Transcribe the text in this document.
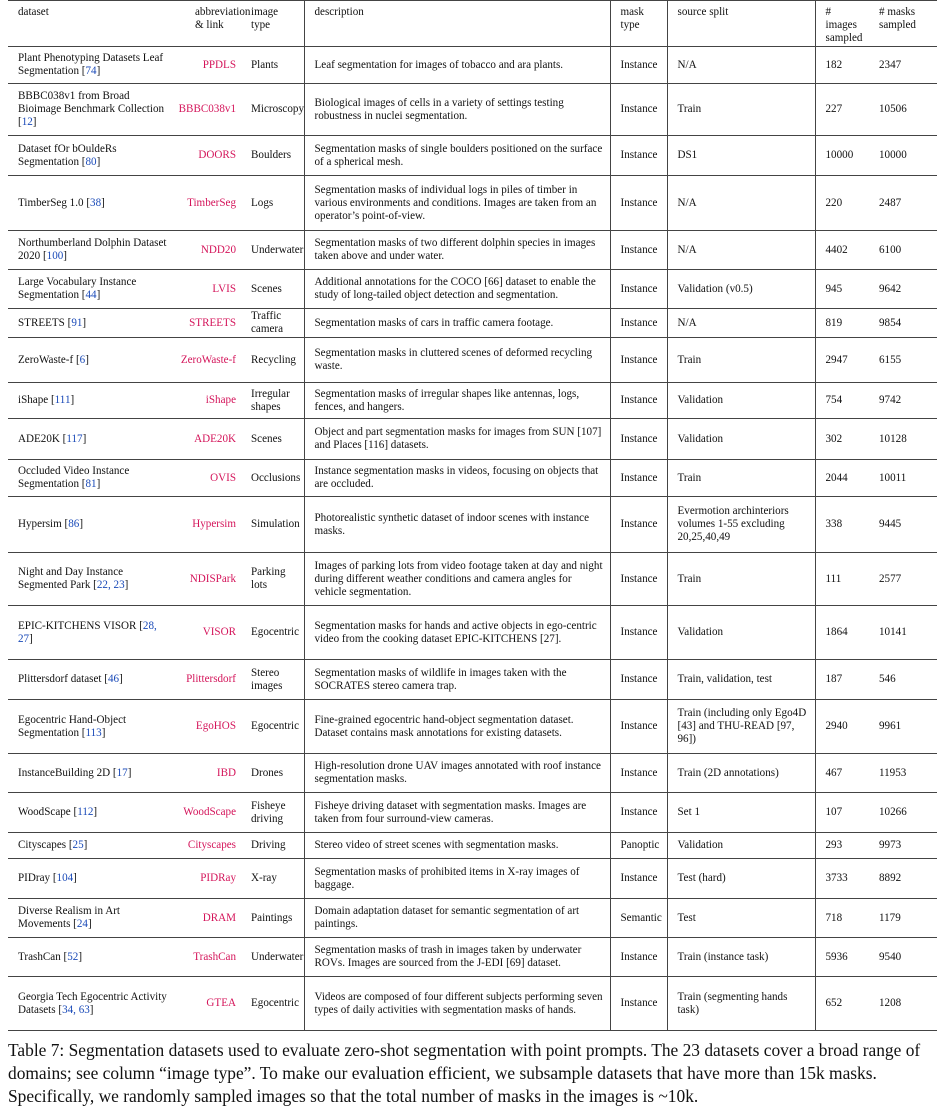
dataset	abbreviation & link	image type	description	mask type	source split	# images sampled	# masks sampled
Plant Phenotyping Datasets Leaf Segmentation [74]	PPDLS	Plants	Leaf segmentation for images of tobacco and ara plants.	Instance	N/A	182	2347
BBBC038v1 from Broad Bioimage Benchmark Collection [12]	BBBC038v1	Microscopy	Biological images of cells in a variety of settings testing robustness in nuclei segmentation.	Instance	Train	227	10506
Dataset fOr bOuldeRs Segmentation [80]	DOORS	Boulders	Segmentation masks of single boulders positioned on the surface of a spherical mesh.	Instance	DS1	10000	10000
TimberSeg 1.0 [38]	TimberSeg	Logs	Segmentation masks of individual logs in piles of timber in various environments and conditions. Images are taken from an operator’s point-of-view.	Instance	N/A	220	2487
Northumberland Dolphin Dataset 2020 [100]	NDD20	Underwater	Segmentation masks of two different dolphin species in images taken above and under water.	Instance	N/A	4402	6100
Large Vocabulary Instance Segmentation [44]	LVIS	Scenes	Additional annotations for the COCO [66] dataset to enable the study of long-tailed object detection and segmentation.	Instance	Validation (v0.5)	945	9642
STREETS [91]	STREETS	Traffic camera	Segmentation masks of cars in traffic camera footage.	Instance	N/A	819	9854
ZeroWaste-f [6]	ZeroWaste-f	Recycling	Segmentation masks in cluttered scenes of deformed recycling waste.	Instance	Train	2947	6155
iShape [111]	iShape	Irregular shapes	Segmentation masks of irregular shapes like antennas, logs, fences, and hangers.	Instance	Validation	754	9742
ADE20K [117]	ADE20K	Scenes	Object and part segmentation masks for images from SUN [107] and Places [116] datasets.	Instance	Validation	302	10128
Occluded Video Instance Segmentation [81]	OVIS	Occlusions	Instance segmentation masks in videos, focusing on objects that are occluded.	Instance	Train	2044	10011
Hypersim [86]	Hypersim	Simulation	Photorealistic synthetic dataset of indoor scenes with instance masks.	Instance	Evermotion archinteriors volumes 1-55 excluding 20,25,40,49	338	9445
Night and Day Instance Segmented Park [22, 23]	NDISPark	Parking lots	Images of parking lots from video footage taken at day and night during different weather conditions and camera angles for vehicle segmentation.	Instance	Train	111	2577
EPIC-KITCHENS VISOR [28, 27]	VISOR	Egocentric	Segmentation masks for hands and active objects in ego-centric video from the cooking dataset EPIC-KITCHENS [27].	Instance	Validation	1864	10141
Plittersdorf dataset [46]	Plittersdorf	Stereo images	Segmentation masks of wildlife in images taken with the SOCRATES stereo camera trap.	Instance	Train, validation, test	187	546
Egocentric Hand-Object Segmentation [113]	EgoHOS	Egocentric	Fine-grained egocentric hand-object segmentation dataset. Dataset contains mask annotations for existing datasets.	Instance	Train (including only Ego4D [43] and THU-READ [97, 96])	2940	9961
InstanceBuilding 2D [17]	IBD	Drones	High-resolution drone UAV images annotated with roof instance segmentation masks.	Instance	Train (2D annotations)	467	11953
WoodScape [112]	WoodScape	Fisheye driving	Fisheye driving dataset with segmentation masks. Images are taken from four surround-view cameras.	Instance	Set 1	107	10266
Cityscapes [25]	Cityscapes	Driving	Stereo video of street scenes with segmentation masks.	Panoptic	Validation	293	9973
PIDray [104]	PIDRay	X-ray	Segmentation masks of prohibited items in X-ray images of baggage.	Instance	Test (hard)	3733	8892
Diverse Realism in Art Movements [24]	DRAM	Paintings	Domain adaptation dataset for semantic segmentation of art paintings.	Semantic	Test	718	1179
TrashCan [52]	TrashCan	Underwater	Segmentation masks of trash in images taken by underwater ROVs. Images are sourced from the J-EDI [69] dataset.	Instance	Train (instance task)	5936	9540
Georgia Tech Egocentric Activity Datasets [34, 63]	GTEA	Egocentric	Videos are composed of four different subjects performing seven types of daily activities with segmentation masks of hands.	Instance	Train (segmenting hands task)	652	1208

Table 7: Segmentation datasets used to evaluate zero-shot segmentation with point prompts. The 23 datasets cover a broad range of domains; see column “image type”. To make our evaluation efficient, we subsample datasets that have more than 15k masks. Specifically, we randomly sampled images so that the total number of masks in the images is ~10k.
